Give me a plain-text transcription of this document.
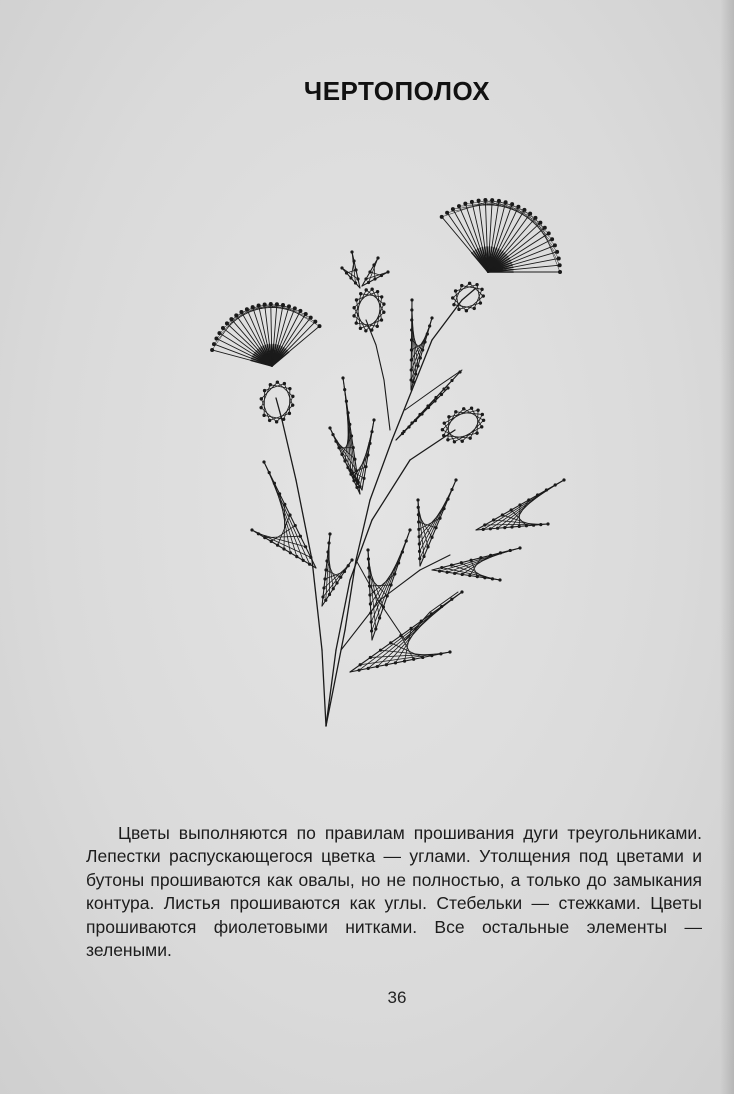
ЧЕРТОПОЛОХ

Цветы выполняются по правилам прошивания дуги треугольниками. Лепестки распускающегося цветка — углами. Утолщения под цветами и бутоны прошиваются как овалы, но не полностью, а только до замыкания контура. Листья прошиваются как углы. Стебельки — стежками. Цветы прошиваются фиолетовыми нитками. Все остальные элементы — зелеными.

36
